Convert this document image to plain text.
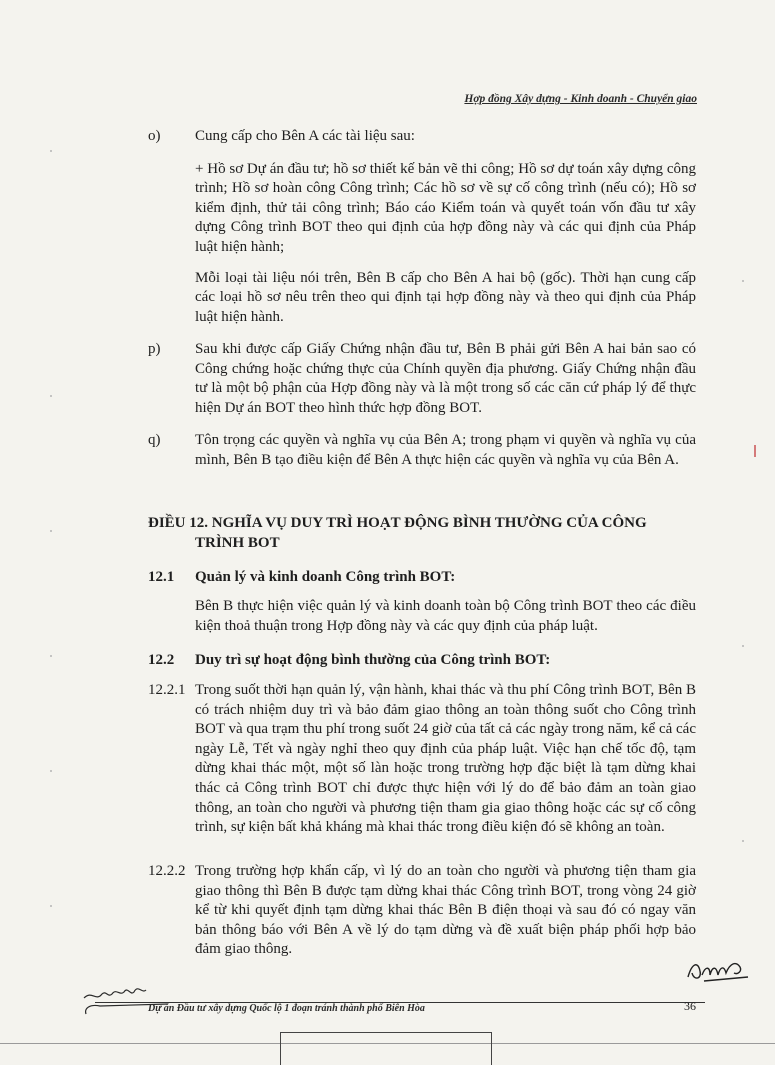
Hợp đồng Xây dựng - Kinh doanh - Chuyển giao
o) Cung cấp cho Bên A các tài liệu sau:

+ Hồ sơ Dự án đầu tư; hồ sơ thiết kế bản vẽ thi công; Hồ sơ dự toán xây dựng công trình; Hồ sơ hoàn công Công trình; Các hồ sơ về sự cố công trình (nếu có); Hồ sơ kiểm định, thử tải công trình; Báo cáo Kiểm toán và quyết toán vốn đầu tư xây dựng Công trình BOT theo qui định của hợp đồng này và các qui định của Pháp luật hiện hành;

Mỗi loại tài liệu nói trên, Bên B cấp cho Bên A hai bộ (gốc). Thời hạn cung cấp các loại hồ sơ nêu trên theo qui định tại hợp đồng này và theo qui định của Pháp luật hiện hành.

p) Sau khi được cấp Giấy Chứng nhận đầu tư, Bên B phải gửi Bên A hai bản sao có Công chứng hoặc chứng thực của Chính quyền địa phương. Giấy Chứng nhận đầu tư là một bộ phận của Hợp đồng này và là một trong số các căn cứ pháp lý để thực hiện Dự án BOT theo hình thức hợp đồng BOT.

q) Tôn trọng các quyền và nghĩa vụ của Bên A; trong phạm vi quyền và nghĩa vụ của mình, Bên B tạo điều kiện để Bên A thực hiện các quyền và nghĩa vụ của Bên A.

ĐIỀU 12. NGHĨA VỤ DUY TRÌ HOẠT ĐỘNG BÌNH THƯỜNG CỦA CÔNG
TRÌNH BOT
12.1 Quản lý và kinh doanh Công trình BOT:
Bên B thực hiện việc quản lý và kinh doanh toàn bộ Công trình BOT theo các điều kiện thoả thuận trong Hợp đồng này và các quy định của pháp luật.
12.2 Duy trì sự hoạt động bình thường của Công trình BOT:
12.2.1 Trong suốt thời hạn quản lý, vận hành, khai thác và thu phí Công trình BOT, Bên B có trách nhiệm duy trì và bảo đảm giao thông an toàn thông suốt cho Công trình BOT và qua trạm thu phí trong suốt 24 giờ của tất cả các ngày trong năm, kể cả các ngày Lễ, Tết và ngày nghỉ theo quy định của pháp luật. Việc hạn chế tốc độ, tạm dừng khai thác một, một số làn hoặc trong trường hợp đặc biệt là tạm dừng khai thác cả Công trình BOT chỉ được thực hiện với lý do để bảo đảm an toàn giao thông, an toàn cho người và phương tiện tham gia giao thông hoặc các sự cố công trình, sự kiện bất khả kháng mà khai thác trong điều kiện đó sẽ không an toàn.
12.2.2 Trong trường hợp khẩn cấp, vì lý do an toàn cho người và phương tiện tham gia giao thông thì Bên B được tạm dừng khai thác Công trình BOT, trong vòng 24 giờ kể từ khi quyết định tạm dừng khai thác Bên B điện thoại và sau đó có ngay văn bản thông báo với Bên A về lý do tạm dừng và đề xuất biện pháp phối hợp bảo đảm giao thông.
Dự án Đầu tư xây dựng Quốc lộ 1 đoạn tránh thành phố Biên Hòa	36
